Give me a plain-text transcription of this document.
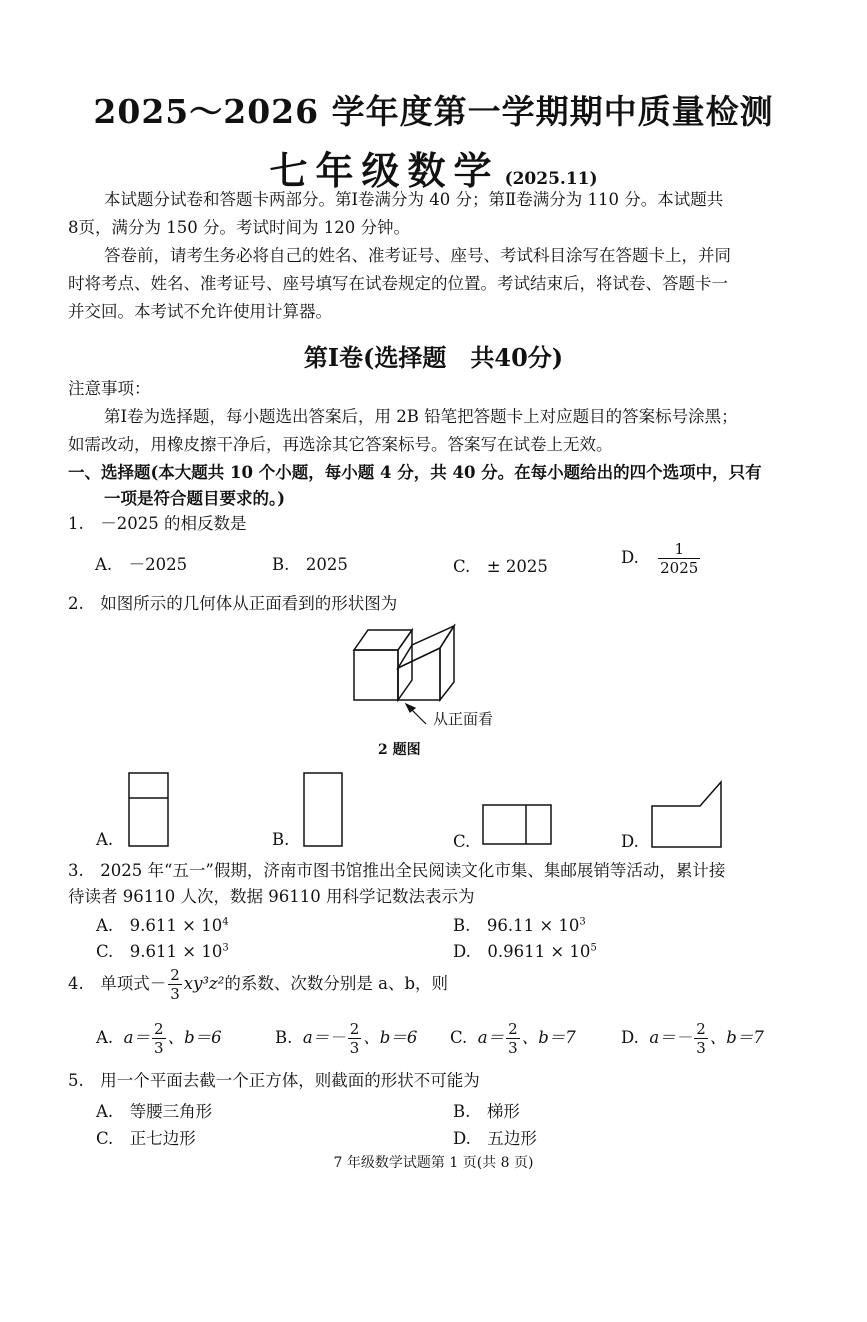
2025～2026 学年度第一学期期中质量检测
七年级数学 (2025.11)
本试题分试卷和答题卡两部分。第Ⅰ卷满分为 40 分；第Ⅱ卷满分为 110 分。本试题共
8页，满分为 150 分。考试时间为 120 分钟。
答卷前，请考生务必将自己的姓名、准考证号、座号、考试科目涂写在答题卡上，并同
时将考点、姓名、准考证号、座号填写在试卷规定的位置。考试结束后，将试卷、答题卡一
并交回。本考试不允许使用计算器。
第Ⅰ卷(选择题　共40分)
注意事项：
第Ⅰ卷为选择题，每小题选出答案后，用 2B 铅笔把答题卡上对应题目的答案标号涂黑；
如需改动，用橡皮擦干净后，再选涂其它答案标号。答案写在试卷上无效。
一、选择题(本大题共 10 个小题，每小题 4 分，共 40 分。在每小题给出的四个选项中，只有
一项是符合题目要求的。)
1.　－2025 的相反数是
A.　－2025	B.　2025	C.　± 2025	D. $\frac{1}{2025}$
2.　如图所示的几何体从正面看到的形状图为
从正面看
2 题图
A.	B.	C.	D.
3.　2025 年“五一”假期，济南市图书馆推出全民阅读文化市集、集邮展销等活动，累计接
待读者 96110 人次，数据 96110 用科学记数法表示为
A.　$9.611 \times 10^4$	B.　$96.11 \times 10^3$
C.　$9.611 \times 10^3$	D.　$0.9611 \times 10^5$
4.　单项式－ $\frac{2}{3} xy^3z^2$的系数、次数分别是 a、b，则
A. $a= \frac{2}{3}$ 、b＝6	B. $a=- \frac{2}{3}$ 、b＝6 C. $a= \frac{2}{3}$ 、b＝7	D. $a=- \frac{2}{3}$ 、b＝7
5.　用一个平面去截一个正方体，则截面的形状不可能为
A.　等腰三角形	B.　梯形
C.　正七边形	D.　五边形
7 年级数学试题第 1 页(共 8 页)
